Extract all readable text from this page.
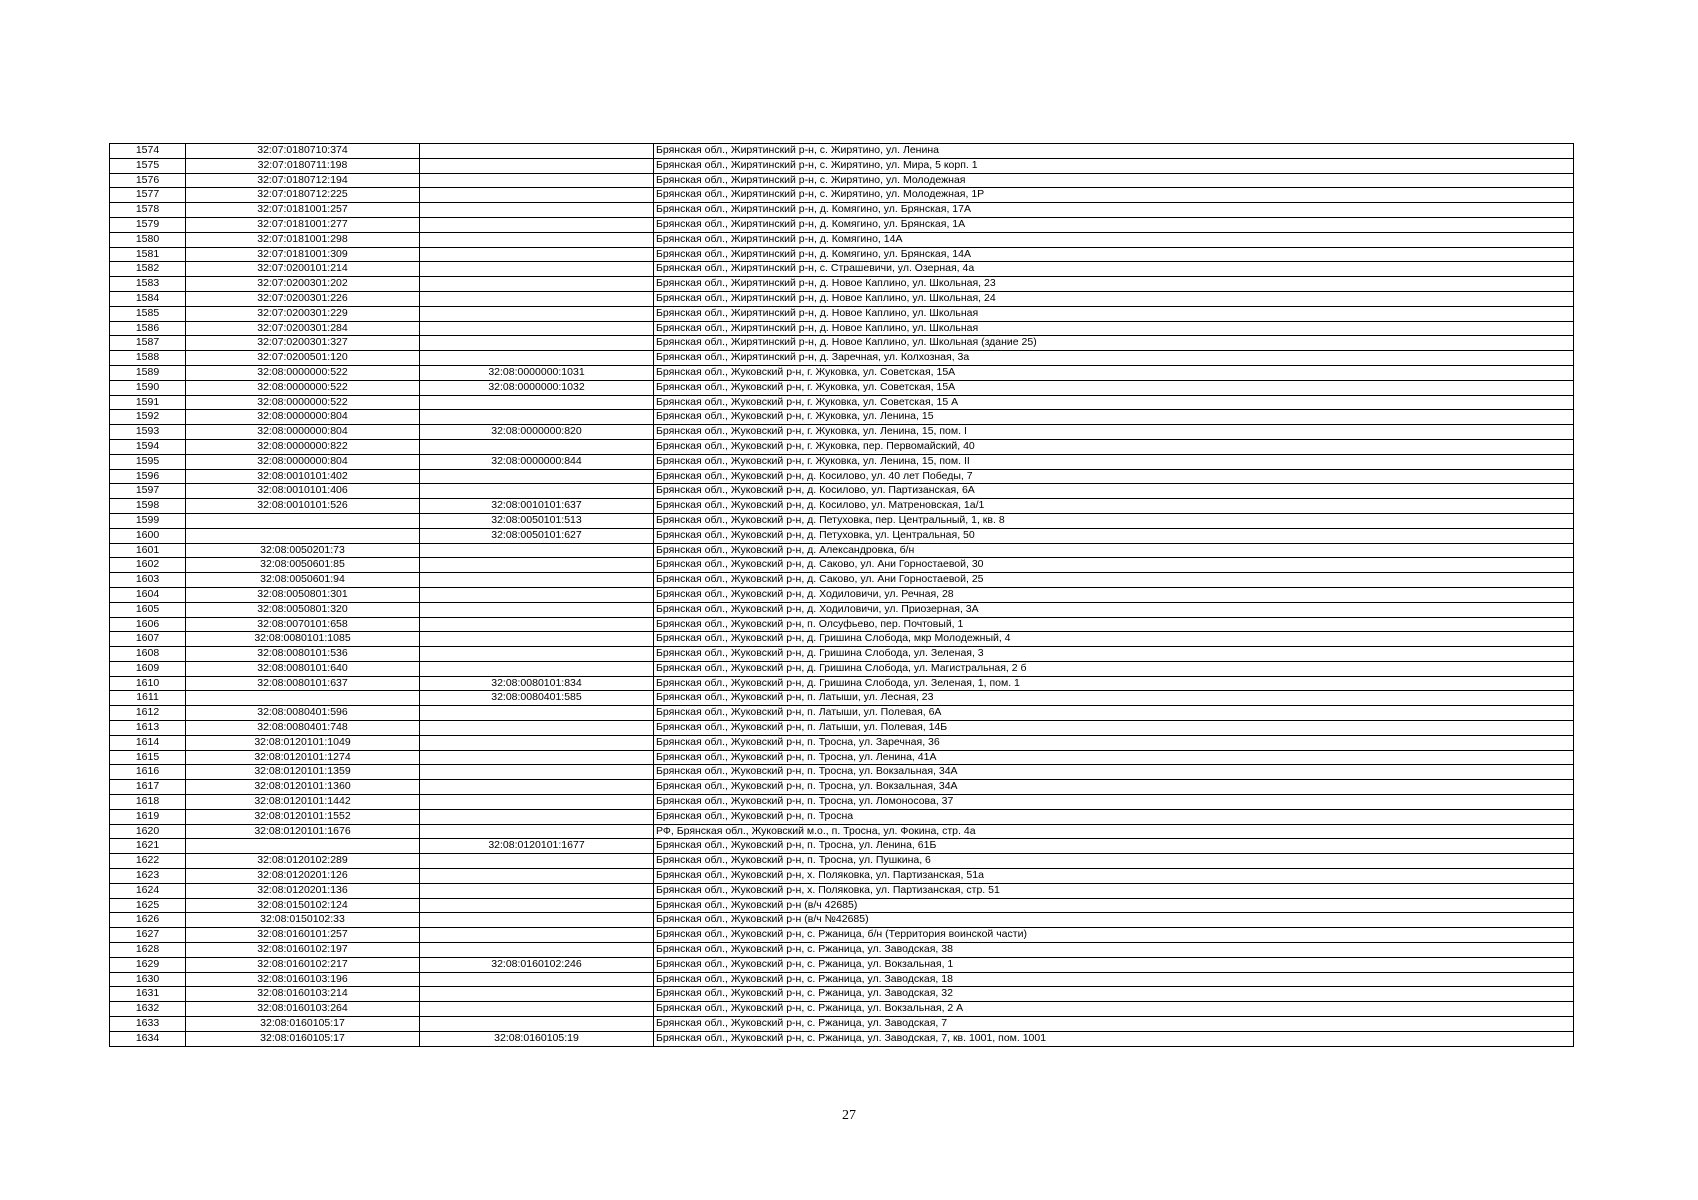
1574	32:07:0180710:374		Брянская обл., Жирятинский р-н, с. Жирятино, ул. Ленина
1575	32:07:0180711:198		Брянская обл., Жирятинский р-н, с. Жирятино, ул. Мира, 5 корп. 1
1576	32:07:0180712:194		Брянская обл., Жирятинский р-н, с. Жирятино, ул. Молодежная
1577	32:07:0180712:225		Брянская обл., Жирятинский р-н, с. Жирятино, ул. Молодежная, 1Р
1578	32:07:0181001:257		Брянская обл., Жирятинский р-н, д. Комягино, ул. Брянская, 17А
1579	32:07:0181001:277		Брянская обл., Жирятинский р-н, д. Комягино, ул. Брянская, 1А
1580	32:07:0181001:298		Брянская обл., Жирятинский р-н, д. Комягино, 14А
1581	32:07:0181001:309		Брянская обл., Жирятинский р-н, д. Комягино, ул. Брянская, 14А
1582	32:07:0200101:214		Брянская обл., Жирятинский р-н, с. Страшевичи, ул. Озерная, 4а
1583	32:07:0200301:202		Брянская обл., Жирятинский р-н, д. Новое Каплино, ул. Школьная, 23
1584	32:07:0200301:226		Брянская обл., Жирятинский р-н, д. Новое Каплино, ул. Школьная, 24
1585	32:07:0200301:229		Брянская обл., Жирятинский р-н, д. Новое Каплино, ул. Школьная
1586	32:07:0200301:284		Брянская обл., Жирятинский р-н, д. Новое Каплино, ул. Школьная
1587	32:07:0200301:327		Брянская обл., Жирятинский р-н, д. Новое Каплино, ул. Школьная (здание 25)
1588	32:07:0200501:120		Брянская обл., Жирятинский р-н, д. Заречная, ул. Колхозная, 3а
1589	32:08:0000000:522	32:08:0000000:1031	Брянская обл., Жуковский р-н, г. Жуковка, ул. Советская, 15А
1590	32:08:0000000:522	32:08:0000000:1032	Брянская обл., Жуковский р-н, г. Жуковка, ул. Советская, 15А
1591	32:08:0000000:522		Брянская обл., Жуковский р-н, г. Жуковка, ул. Советская, 15 А
1592	32:08:0000000:804		Брянская обл., Жуковский р-н, г. Жуковка, ул. Ленина, 15
1593	32:08:0000000:804	32:08:0000000:820	Брянская обл., Жуковский р-н, г. Жуковка, ул. Ленина, 15, пом. I
1594	32:08:0000000:822		Брянская обл., Жуковский р-н, г. Жуковка, пер. Первомайский, 40
1595	32:08:0000000:804	32:08:0000000:844	Брянская обл., Жуковский р-н, г. Жуковка, ул. Ленина, 15, пом. II
1596	32:08:0010101:402		Брянская обл., Жуковский р-н, д. Косилово, ул. 40 лет Победы, 7
1597	32:08:0010101:406		Брянская обл., Жуковский р-н, д. Косилово, ул. Партизанская, 6А
1598	32:08:0010101:526	32:08:0010101:637	Брянская обл., Жуковский р-н, д. Косилово, ул. Матреновская, 1а/1
1599		32:08:0050101:513	Брянская обл., Жуковский р-н, д. Петуховка, пер. Центральный, 1, кв. 8
1600		32:08:0050101:627	Брянская обл., Жуковский р-н, д. Петуховка, ул. Центральная, 50
1601	32:08:0050201:73		Брянская обл., Жуковский р-н, д. Александровка, б/н
1602	32:08:0050601:85		Брянская обл., Жуковский р-н, д. Саково, ул. Ани Горностаевой, 30
1603	32:08:0050601:94		Брянская обл., Жуковский р-н, д. Саково, ул. Ани Горностаевой, 25
1604	32:08:0050801:301		Брянская обл., Жуковский р-н, д. Ходиловичи, ул. Речная, 28
1605	32:08:0050801:320		Брянская обл., Жуковский р-н, д. Ходиловичи, ул. Приозерная, 3А
1606	32:08:0070101:658		Брянская обл., Жуковский р-н, п. Олсуфьево, пер. Почтовый, 1
1607	32:08:0080101:1085		Брянская обл., Жуковский р-н, д. Гришина Слобода, мкр Молодежный, 4
1608	32:08:0080101:536		Брянская обл., Жуковский р-н, д. Гришина Слобода, ул. Зеленая, 3
1609	32:08:0080101:640		Брянская обл., Жуковский р-н, д. Гришина Слобода, ул. Магистральная, 2 б
1610	32:08:0080101:637	32:08:0080101:834	Брянская обл., Жуковский р-н, д. Гришина Слобода, ул. Зеленая, 1, пом. 1
1611		32:08:0080401:585	Брянская обл., Жуковский р-н, п. Латыши, ул. Лесная, 23
1612	32:08:0080401:596		Брянская обл., Жуковский р-н, п. Латыши, ул. Полевая, 6А
1613	32:08:0080401:748		Брянская обл., Жуковский р-н, п. Латыши, ул. Полевая, 14Б
1614	32:08:0120101:1049		Брянская обл., Жуковский р-н, п. Тросна, ул. Заречная, 36
1615	32:08:0120101:1274		Брянская обл., Жуковский р-н, п. Тросна, ул. Ленина, 41А
1616	32:08:0120101:1359		Брянская обл., Жуковский р-н, п. Тросна, ул. Вокзальная, 34А
1617	32:08:0120101:1360		Брянская обл., Жуковский р-н, п. Тросна, ул. Вокзальная, 34А
1618	32:08:0120101:1442		Брянская обл., Жуковский р-н, п. Тросна, ул. Ломоносова, 37
1619	32:08:0120101:1552		Брянская обл., Жуковский р-н, п. Тросна
1620	32:08:0120101:1676		РФ, Брянская обл., Жуковский м.о., п. Тросна, ул. Фокина, стр. 4а
1621		32:08:0120101:1677	Брянская обл., Жуковский р-н, п. Тросна, ул. Ленина, 61Б
1622	32:08:0120102:289		Брянская обл., Жуковский р-н, п. Тросна, ул. Пушкина, 6
1623	32:08:0120201:126		Брянская обл., Жуковский р-н, х. Поляковка, ул. Партизанская, 51а
1624	32:08:0120201:136		Брянская обл., Жуковский р-н, х. Поляковка, ул. Партизанская, стр. 51
1625	32:08:0150102:124		Брянская обл., Жуковский р-н (в/ч 42685)
1626	32:08:0150102:33		Брянская обл., Жуковский р-н (в/ч №42685)
1627	32:08:0160101:257		Брянская обл., Жуковский р-н, с. Ржаница, б/н (Территория воинской части)
1628	32:08:0160102:197		Брянская обл., Жуковский р-н, с. Ржаница, ул. Заводская, 38
1629	32:08:0160102:217	32:08:0160102:246	Брянская обл., Жуковский р-н, с. Ржаница, ул. Вокзальная, 1
1630	32:08:0160103:196		Брянская обл., Жуковский р-н, с. Ржаница, ул. Заводская, 18
1631	32:08:0160103:214		Брянская обл., Жуковский р-н, с. Ржаница, ул. Заводская, 32
1632	32:08:0160103:264		Брянская обл., Жуковский р-н, с. Ржаница, ул. Вокзальная, 2 А
1633	32:08:0160105:17		Брянская обл., Жуковский р-н, с. Ржаница, ул. Заводская, 7
1634	32:08:0160105:17	32:08:0160105:19	Брянская обл., Жуковский р-н, с. Ржаница, ул. Заводская, 7, кв. 1001, пом. 1001
27
